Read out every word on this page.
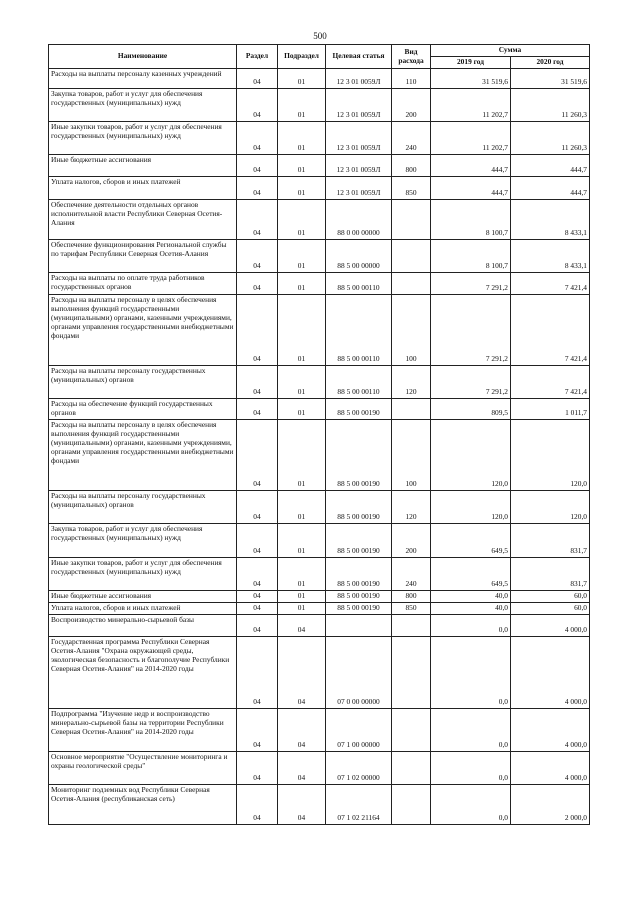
500
Наименование	Раздел	Подраздел	Целевая статья	Вид расхода	Сумма	
					2019 год	2020 год
Расходы на выплаты персоналу казенных учреждений	04	01	12 3 01 0059Л	110	31 519,6	31 519,6
Закупка товаров, работ и услуг для обеспечения государственных (муниципальных) нужд	04	01	12 3 01 0059Л	200	11 202,7	11 260,3
Иные закупки товаров, работ и услуг для обеспечения государственных (муниципальных) нужд	04	01	12 3 01 0059Л	240	11 202,7	11 260,3
Иные бюджетные ассигнования	04	01	12 3 01 0059Л	800	444,7	444,7
Уплата налогов, сборов и иных платежей	04	01	12 3 01 0059Л	850	444,7	444,7
Обеспечение деятельности отдельных органов исполнительной власти Республики Северная Осетия-Алания	04	01	88 0 00 00000		8 100,7	8 433,1
Обеспечение функционирования Региональной службы по тарифам Республики Северная Осетия-Алания	04	01	88 5 00 00000		8 100,7	8 433,1
Расходы на выплаты по оплате труда работников государственных органов	04	01	88 5 00 00110		7 291,2	7 421,4
Расходы на выплаты персоналу в целях обеспечения выполнения функций государственными (муниципальными) органами, казенными учреждениями, органами управления государственными внебюджетными фондами	04	01	88 5 00 00110	100	7 291,2	7 421,4
Расходы на выплаты персоналу государственных (муниципальных) органов	04	01	88 5 00 00110	120	7 291,2	7 421,4
Расходы на обеспечение функций государственных органов	04	01	88 5 00 00190		809,5	1 011,7
Расходы на выплаты персоналу в целях обеспечения выполнения функций государственными (муниципальными) органами, казенными учреждениями, органами управления государственными внебюджетными фондами	04	01	88 5 00 00190	100	120,0	120,0
Расходы на выплаты персоналу государственных (муниципальных) органов	04	01	88 5 00 00190	120	120,0	120,0
Закупка товаров, работ и услуг для обеспечения государственных (муниципальных) нужд	04	01	88 5 00 00190	200	649,5	831,7
Иные закупки товаров, работ и услуг для обеспечения государственных (муниципальных) нужд	04	01	88 5 00 00190	240	649,5	831,7
Иные бюджетные ассигнования	04	01	88 5 00 00190	800	40,0	60,0
Уплата налогов, сборов и иных платежей	04	01	88 5 00 00190	850	40,0	60,0
Воспроизводство минерально-сырьевой базы	04	04			0,0	4 000,0
Государственная программа Республики Северная Осетия-Алания "Охрана окружающей среды, экологическая безопасность и благополучие Республики Северная Осетия-Алания" на 2014-2020 годы	04	04	07 0 00 00000		0,0	4 000,0
Подпрограмма "Изучение недр и воспроизводство минерально-сырьевой базы на территории Республики Северная Осетия-Алания" на 2014-2020 годы	04	04	07 1 00 00000		0,0	4 000,0
Основное мероприятие "Осуществление мониторинга и охраны геологической среды"	04	04	07 1 02 00000		0,0	4 000,0
Мониторинг подземных вод Республики Северная Осетия-Алания (республиканская сеть)	04	04	07 1 02 21164		0,0	2 000,0
